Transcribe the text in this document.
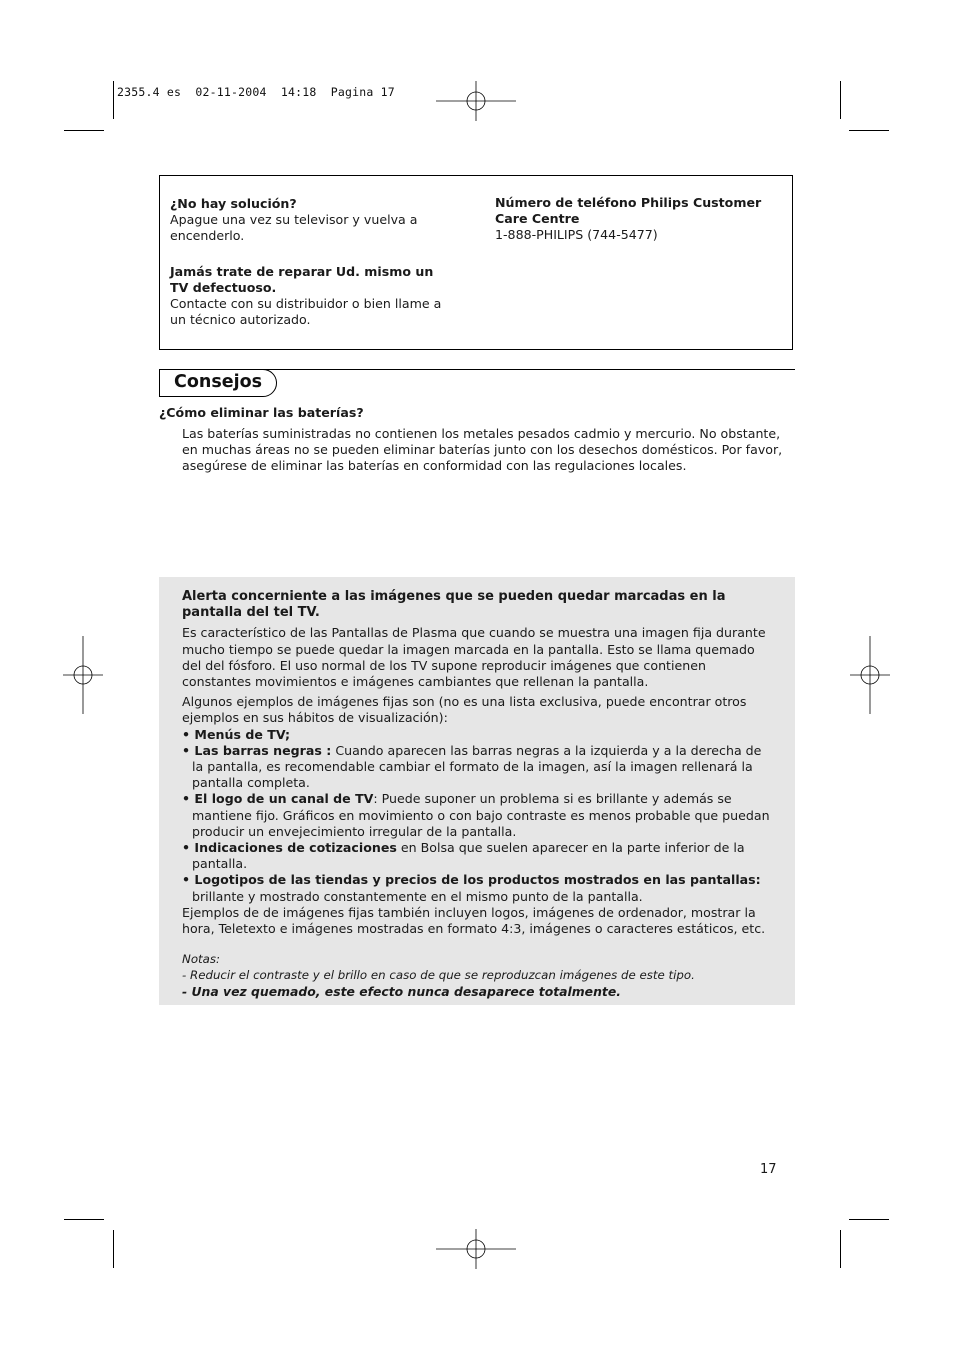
2355.4 es  02-11-2004  14:18  Pagina 17
¿No hay solución?
Apague una vez su televisor y vuelva a encenderlo.
Jamás trate de reparar Ud. mismo un TV defectuoso.
Contacte con su distribuidor o bien llame a un técnico autorizado.
Número de teléfono Philips Customer Care Centre
1-888-PHILIPS (744-5477)
Consejos
¿Cómo eliminar las baterías?
Las baterías suministradas no contienen los metales pesados cadmio y mercurio. No obstante, en muchas áreas no se pueden eliminar baterías junto con los desechos domésticos. Por favor, asegúrese de eliminar las baterías en conformidad con las regulaciones locales.
Alerta concerniente a las imágenes que se pueden quedar marcadas en la pantalla del tel TV.
Es característico de las Pantallas de Plasma que cuando se muestra una imagen fija durante mucho tiempo se puede quedar la imagen marcada en la pantalla. Esto se llama quemado del del fósforo. El uso normal de los TV supone reproducir imágenes que contienen constantes movimientos e imágenes cambiantes que rellenan la pantalla.
Algunos ejemplos de imágenes fijas son (no es una lista exclusiva, puede encontrar otros ejemplos en sus hábitos de visualización):
• Menús de TV;
• Las barras negras : Cuando aparecen las barras negras a la izquierda y a la derecha de la pantalla, es recomendable cambiar el formato de la imagen, así la imagen rellenará la pantalla completa.
• El logo de un canal de TV: Puede suponer un problema si es brillante y además se mantiene fijo. Gráficos en movimiento o con bajo contraste es menos probable que puedan producir un envejecimiento irregular de la pantalla.
• Indicaciones de cotizaciones en Bolsa que suelen aparecer en la parte inferior de la pantalla.
• Logotipos de las tiendas y precios de los productos mostrados en las pantallas: brillante y mostrado constantemente en el mismo punto de la pantalla.
Ejemplos de de imágenes fijas también incluyen logos, imágenes de ordenador, mostrar la hora, Teletexto e imágenes mostradas en formato 4:3, imágenes o caracteres estáticos, etc.
Notas:
- Reducir el contraste y el brillo en caso de que se reproduzcan imágenes de este tipo.
- Una vez quemado, este efecto nunca desaparece totalmente.
17
